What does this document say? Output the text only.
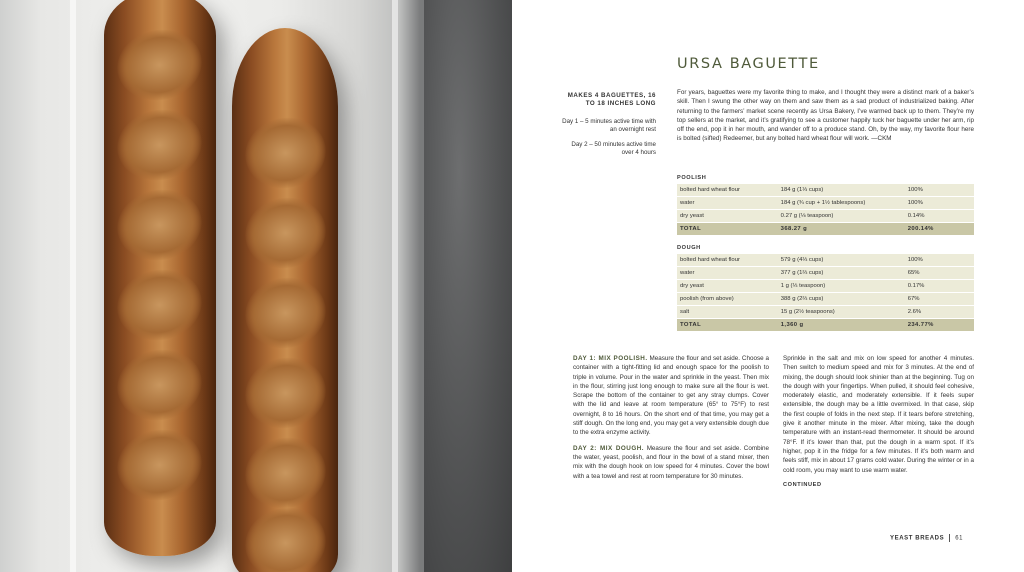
URSA BAGUETTE
MAKES 4 BAGUETTES, 16 TO 18 INCHES LONG

Day 1 – 5 minutes active time with an overnight rest

Day 2 – 50 minutes active time over 4 hours

For years, baguettes were my favorite thing to make, and I thought they were a distinct mark of a baker’s skill. Then I swung the other way on them and saw them as a sad product of industrialized baking. After returning to the farmers’ market scene recently as Ursa Bakery, I’ve warmed back up to them. They’re my top sellers at the market, and it’s gratifying to see a customer happily tuck her baguette under her arm, rip off the end, pop it in her mouth, and wander off to a produce stand. Oh, by the way, my favorite flour here is bolted (sifted) Redeemer, but any bolted hard wheat flour will work. —CKM
POOLISH
bolted hard wheat flour	184 g (1⅓ cups)	100%
water	184 g (¾ cup + 1½ tablespoons)	100%
dry yeast	0.27 g (⅛ teaspoon)	0.14%
TOTAL	368.27 g	200.14%
DOUGH
bolted hard wheat flour	579 g (4⅓ cups)	100%
water	377 g (1⅔ cups)	65%
dry yeast	1 g (⅓ teaspoon)	0.17%
poolish (from above)	388 g (2⅔ cups)	67%
salt	15 g (2½ teaspoons)	2.6%
TOTAL	1,360 g	234.77%

DAY 1: MIX POOLISH. Measure the flour and set aside. Choose a container with a tight-fitting lid and enough space for the poolish to triple in volume. Pour in the water and sprinkle in the yeast. Then mix in the flour, stirring just long enough to make sure all the flour is wet. Scrape the bottom of the container to get any stray clumps. Cover with the lid and leave at room temperature (65° to 75°F) to rest overnight, 8 to 16 hours. On the short end of that time, you may get a stiff dough. On the long end, you may get a very extensible dough due to the extra enzyme activity.

DAY 2: MIX DOUGH. Measure the flour and set aside. Combine the water, yeast, poolish, and flour in the bowl of a stand mixer, then mix with the dough hook on low speed for 4 minutes. Cover the bowl with a tea towel and rest at room temperature for 30 minutes.

Sprinkle in the salt and mix on low speed for another 4 minutes. Then switch to medium speed and mix for 3 minutes. At the end of mixing, the dough should look shinier than at the beginning. Tug on the dough with your fingertips. When pulled, it should feel cohesive, moderately elastic, and moderately extensible. If it feels super extensible, the dough may be a little overmixed. In that case, skip the first couple of folds in the next step. If it tears before stretching, give it another minute in the mixer. After mixing, take the dough temperature with an instant-read thermometer. It should be around 78°F. If it’s lower than that, put the dough in a warm spot. If it’s higher, pop it in the fridge for a few minutes. If it’s both warm and feels stiff, mix in about 17 grams cold water. During the winter or in a cold room, you may want to use warm water.

CONTINUED
YEAST BREADS 61
